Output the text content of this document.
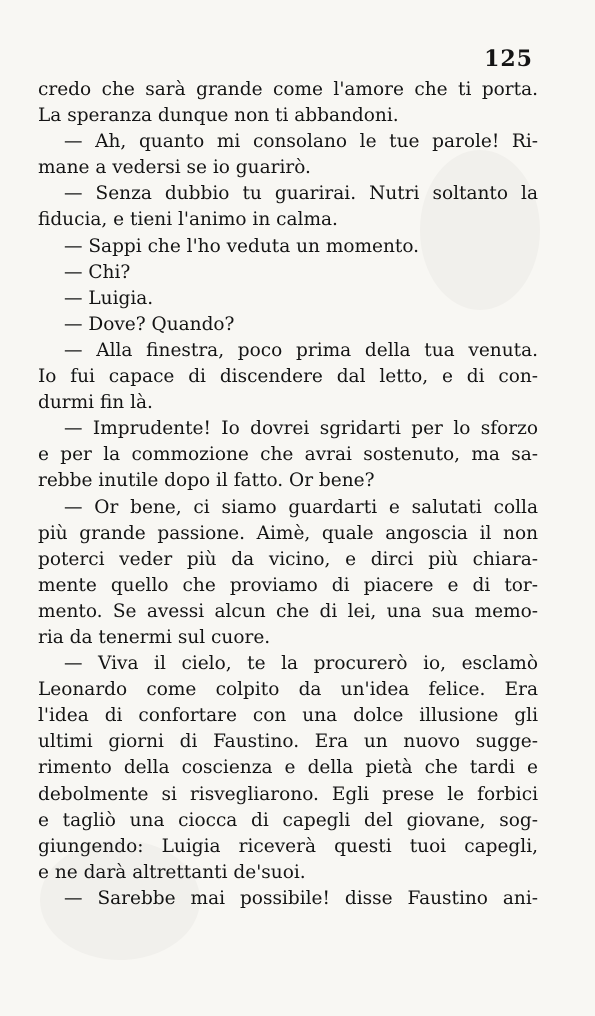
125
credo che sarà grande come l'amore che ti porta.
La speranza dunque non ti abbandoni.
— Ah, quanto mi consolano le tue parole! Ri-
mane a vedersi se io guarirò.
— Senza dubbio tu guarirai. Nutri soltanto la
fiducia, e tieni l'animo in calma.
— Sappi che l'ho veduta un momento.
— Chi?
— Luigia.
— Dove? Quando?
— Alla finestra, poco prima della tua venuta.
Io fui capace di discendere dal letto, e di con-
durmi fin là.
— Imprudente! Io dovrei sgridarti per lo sforzo
e per la commozione che avrai sostenuto, ma sa-
rebbe inutile dopo il fatto. Or bene?
— Or bene, ci siamo guardarti e salutati colla
più grande passione. Aimè, quale angoscia il non
poterci veder più da vicino, e dirci più chiara-
mente quello che proviamo di piacere e di tor-
mento. Se avessi alcun che di lei, una sua memo-
ria da tenermi sul cuore.
— Viva il cielo, te la procurerò io, esclamò
Leonardo come colpito da un'idea felice. Era
l'idea di confortare con una dolce illusione gli
ultimi giorni di Faustino. Era un nuovo sugge-
rimento della coscienza e della pietà che tardi e
debolmente si risvegliarono. Egli prese le forbici
e tagliò una ciocca di capegli del giovane, sog-
giungendo: Luigia riceverà questi tuoi capegli,
e ne darà altrettanti de'suoi.
— Sarebbe mai possibile! disse Faustino ani-
